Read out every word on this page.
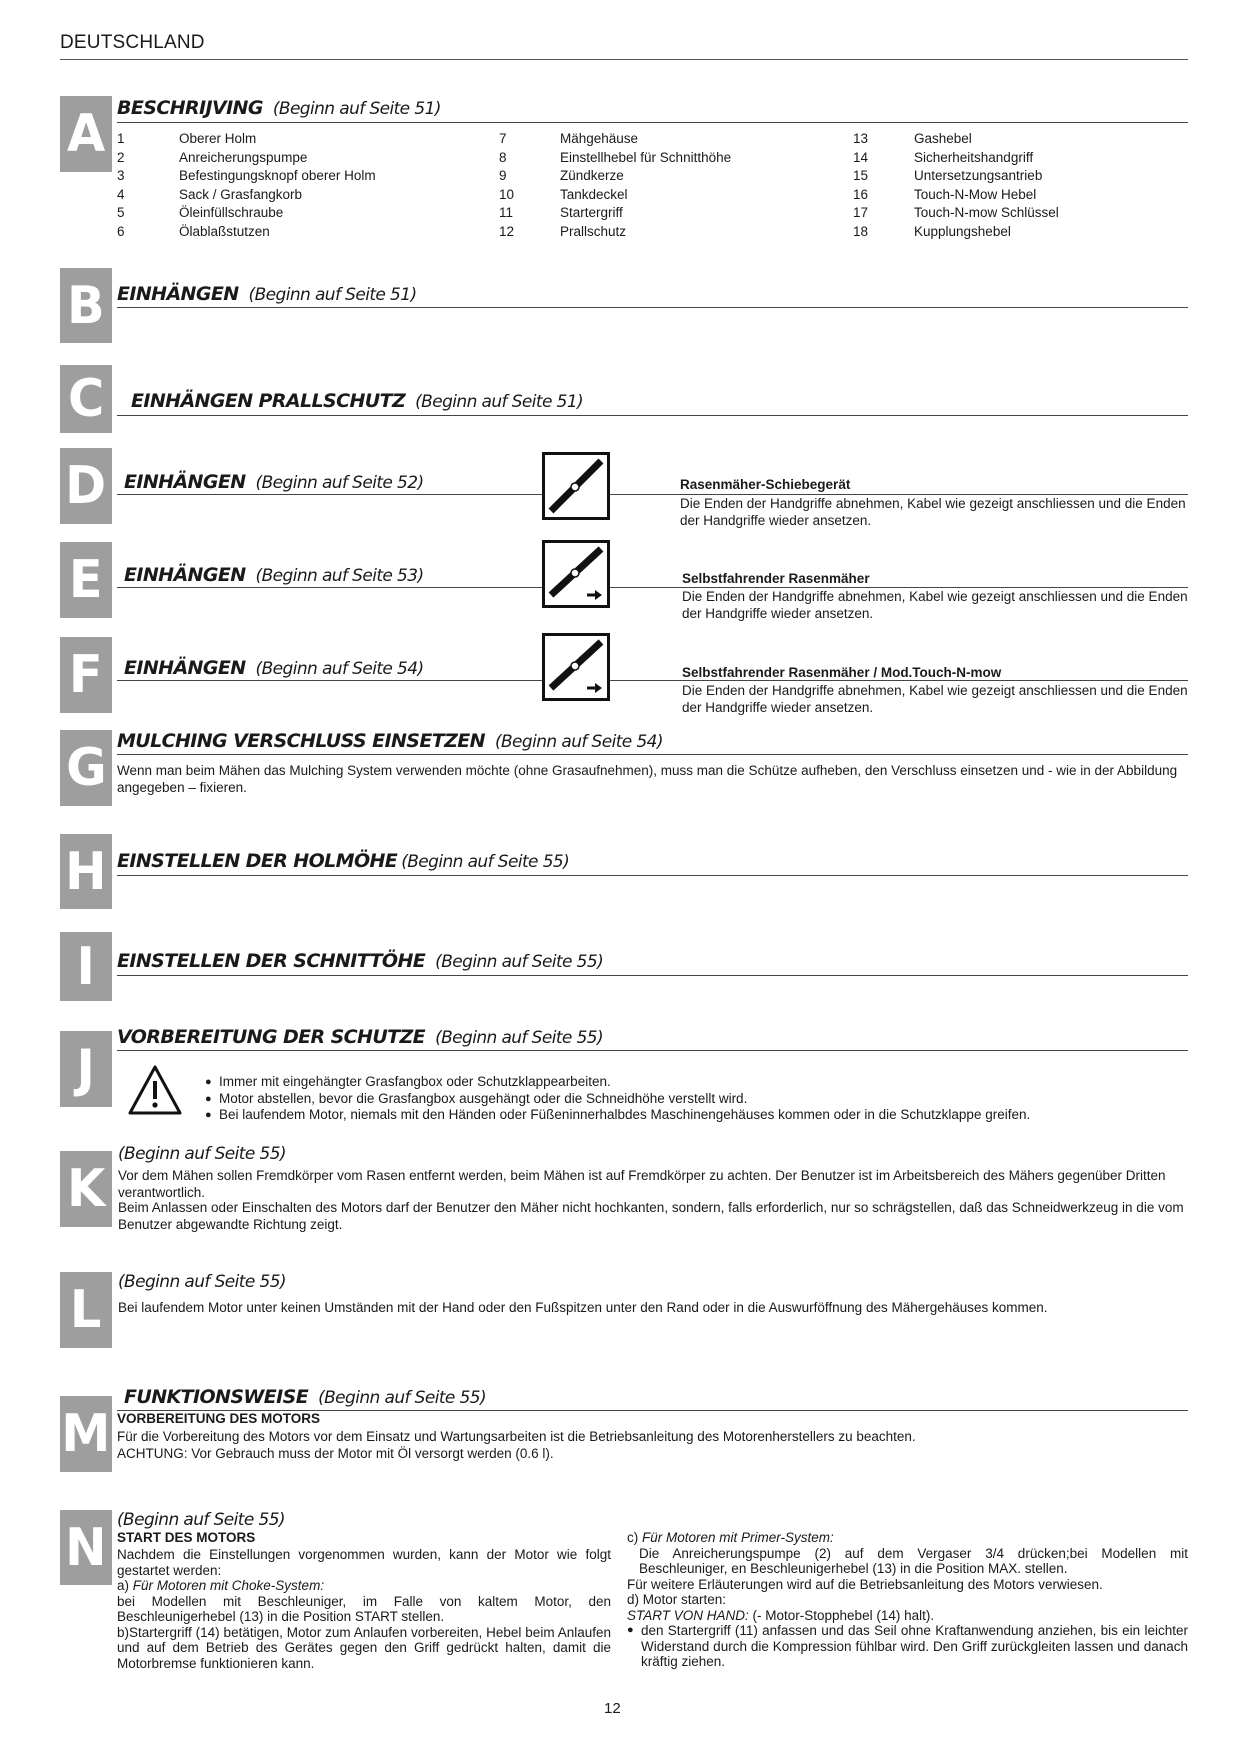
DEUTSCHLAND
A BESCHRIJVING (Beginn auf Seite 51)
1	Oberer Holm	7	Mähgehäuse	13	Gashebel
2	Anreicherungspumpe	8	Einstellhebel für Schnitthöhe	14	Sicherheitshandgriff
3	Befestingungsknopf oberer Holm	9	Zündkerze	15	Untersetzungsantrieb
4	Sack / Grasfangkorb	10	Tankdeckel	16	Touch-N-Mow Hebel
5	Öleinfüllschraube	11	Startergriff	17	Touch-N-mow Schlüssel
6	Ölablaßstutzen	12	Prallschutz	18	Kupplungshebel
B EINHÄNGEN (Beginn auf Seite 51)
C EINHÄNGEN PRALLSCHUTZ (Beginn auf Seite 51)
D EINHÄNGEN (Beginn auf Seite 52)	Rasenmäher-Schiebegerät
Die Enden der Handgriffe abnehmen, Kabel wie gezeigt anschliessen und die Enden der Handgriffe wieder ansetzen.
E EINHÄNGEN (Beginn auf Seite 53)	Selbstfahrender Rasenmäher
Die Enden der Handgriffe abnehmen, Kabel wie gezeigt anschliessen und die Enden der Handgriffe wieder ansetzen.
F EINHÄNGEN (Beginn auf Seite 54)	Selbstfahrender Rasenmäher / Mod.Touch-N-mow
Die Enden der Handgriffe abnehmen, Kabel wie gezeigt anschliessen und die Enden der Handgriffe wieder ansetzen.
G MULCHING VERSCHLUSS EINSETZEN (Beginn auf Seite 54)
Wenn man beim Mähen das Mulching System verwenden möchte (ohne Grasaufnehmen), muss man die Schütze aufheben, den Verschluss einsetzen und - wie in der Abbildung angegeben – fixieren.
H EINSTELLEN DER HOLMÖHE (Beginn auf Seite 55)
I EINSTELLEN DER SCHNITTÖHE (Beginn auf Seite 55)
J
VORBEREITUNG DER SCHUTZE (Beginn auf Seite 55)
● Immer mit eingehängter Grasfangbox oder Schutzklappearbeiten.
● Motor abstellen, bevor die Grasfangbox ausgehängt oder die Schneidhöhe verstellt wird.
● Bei laufendem Motor, niemals mit den Händen oder Füßeninnerhalbdes Maschinengehäuses kommen oder in die Schutzklappe greifen.
K
(Beginn auf Seite 55)
Vor dem Mähen sollen Fremdkörper vom Rasen entfernt werden, beim Mähen ist auf Fremdkörper zu achten. Der Benutzer ist im Arbeitsbereich des Mähers gegenüber Dritten verantwortlich.
Beim Anlassen oder Einschalten des Motors darf der Benutzer den Mäher nicht hochkanten, sondern, falls erforderlich, nur so schrägstellen, daß das Schneidwerkzeug in die vom Benutzer abgewandte Richtung zeigt.
L (Beginn auf Seite 55)
Bei laufendem Motor unter keinen Umständen mit der Hand oder den Fußspitzen unter den Rand oder in die Auswurföffnung des Mähergehäuses kommen.
M
FUNKTIONSWEISE (Beginn auf Seite 55)
VORBEREITUNG DES MOTORS
Für die Vorbereitung des Motors vor dem Einsatz und Wartungsarbeiten ist die Betriebsanleitung des Motorenherstellers zu beachten.
ACHTUNG: Vor Gebrauch muss der Motor mit Öl versorgt werden (0.6 l).
N (Beginn auf Seite 55)
START DES MOTORS
Nachdem die Einstellungen vorgenommen wurden, kann der Motor wie folgt gestartet werden:
a) Für Motoren mit Choke-System:
bei Modellen mit Beschleuniger, im Falle von kaltem Motor, den Beschleunigerhebel (13) in die Position START stellen.
b)Startergriff (14) betätigen, Motor zum Anlaufen vorbereiten, Hebel beim Anlaufen und auf dem Betrieb des Gerätes gegen den Griff gedrückt halten, damit die Motorbremse funktionieren kann.
c) Für Motoren mit Primer-System:
Die Anreicherungspumpe (2) auf dem Vergaser 3/4 drücken;bei Modellen mit Beschleuniger, en Beschleunigerhebel (13) in die Position MAX. stellen.
Für weitere Erläuterungen wird auf die Betriebsanleitung des Motors verwiesen.
d) Motor starten:
START VON HAND: (- Motor-Stopphebel (14) halt).
● den Startergriff (11) anfassen und das Seil ohne Kraftanwendung anziehen, bis ein leichter Widerstand durch die Kompression fühlbar wird. Den Griff zurückgleiten lassen und danach kräftig ziehen.
12
